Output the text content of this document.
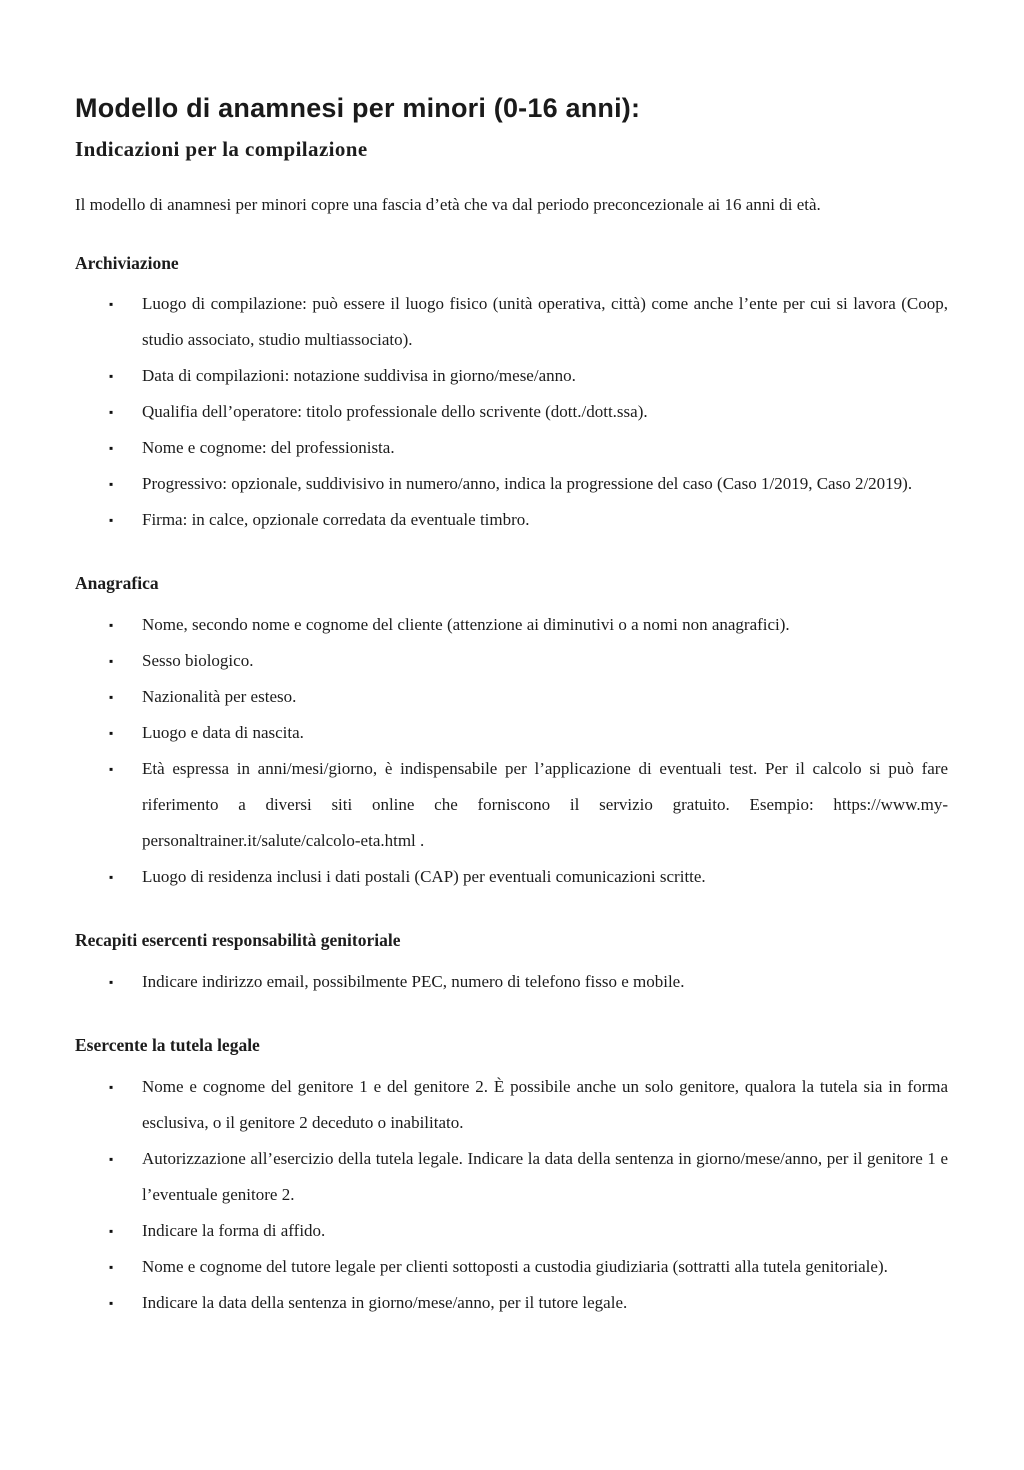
Modello di anamnesi per minori (0-16 anni):
Indicazioni per la compilazione

Il modello di anamnesi per minori copre una fascia d’età che va dal periodo preconcezionale ai 16 anni di età.

Archiviazione
▪ Luogo di compilazione: può essere il luogo fisico (unità operativa, città) come anche l’ente per cui si lavora (Coop, studio associato, studio multiassociato).
▪ Data di compilazioni: notazione suddivisa in giorno/mese/anno.
▪ Qualifia dell’operatore: titolo professionale dello scrivente (dott./dott.ssa).
▪ Nome e cognome: del professionista.
▪ Progressivo: opzionale, suddivisivo in numero/anno, indica la progressione del caso (Caso 1/2019, Caso 2/2019).
▪ Firma: in calce, opzionale corredata da eventuale timbro.
Anagrafica
▪ Nome, secondo nome e cognome del cliente (attenzione ai diminutivi o a nomi non anagrafici).
▪ Sesso biologico.
▪ Nazionalità per esteso.
▪ Luogo e data di nascita.
▪ Età espressa in anni/mesi/giorno, è indispensabile per l’applicazione di eventuali test. Per il calcolo si può fare riferimento a diversi siti online che forniscono il servizio gratuito. Esempio: https://www.my-personaltrainer.it/salute/calcolo-eta.html .
▪ Luogo di residenza inclusi i dati postali (CAP) per eventuali comunicazioni scritte.
Recapiti esercenti responsabilità genitoriale
▪ Indicare indirizzo email, possibilmente PEC, numero di telefono fisso e mobile.
Esercente la tutela legale
▪ Nome e cognome del genitore 1 e del genitore 2. È possibile anche un solo genitore, qualora la tutela sia in forma esclusiva, o il genitore 2 deceduto o inabilitato.
▪ Autorizzazione all’esercizio della tutela legale. Indicare la data della sentenza in giorno/mese/anno, per il genitore 1 e l’eventuale genitore 2.
▪ Indicare la forma di affido.
▪ Nome e cognome del tutore legale per clienti sottoposti a custodia giudiziaria (sottratti alla tutela genitoriale).
▪ Indicare la data della sentenza in giorno/mese/anno, per il tutore legale.
